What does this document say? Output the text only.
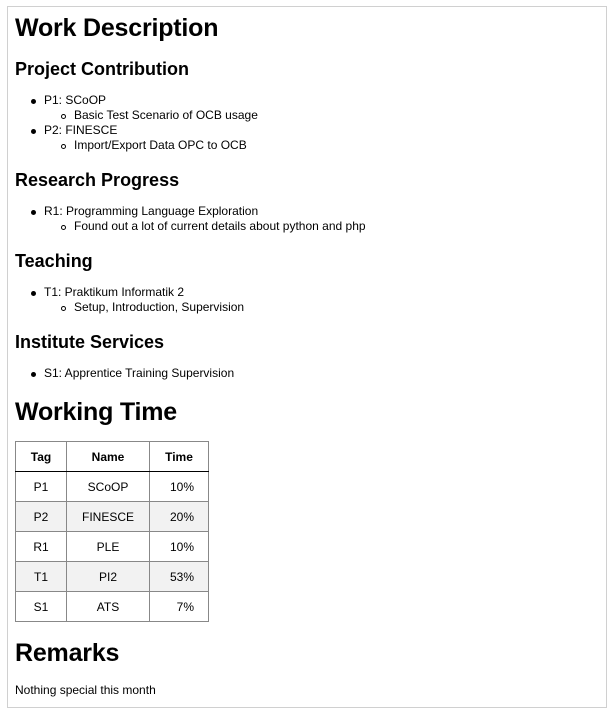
Work Description
Project Contribution
P1: SCoOP
Basic Test Scenario of OCB usage
P2: FINESCE
Import/Export Data OPC to OCB
Research Progress
R1: Programming Language Exploration
Found out a lot of current details about python and php
Teaching
T1: Praktikum Informatik 2
Setup, Introduction, Supervision
Institute Services
S1: Apprentice Training Supervision
Working Time
Tag	Name	Time
P1	SCoOP	10%
P2	FINESCE	20%
R1	PLE	10%
T1	PI2	53%
S1	ATS	7%
Remarks

Nothing special this month
